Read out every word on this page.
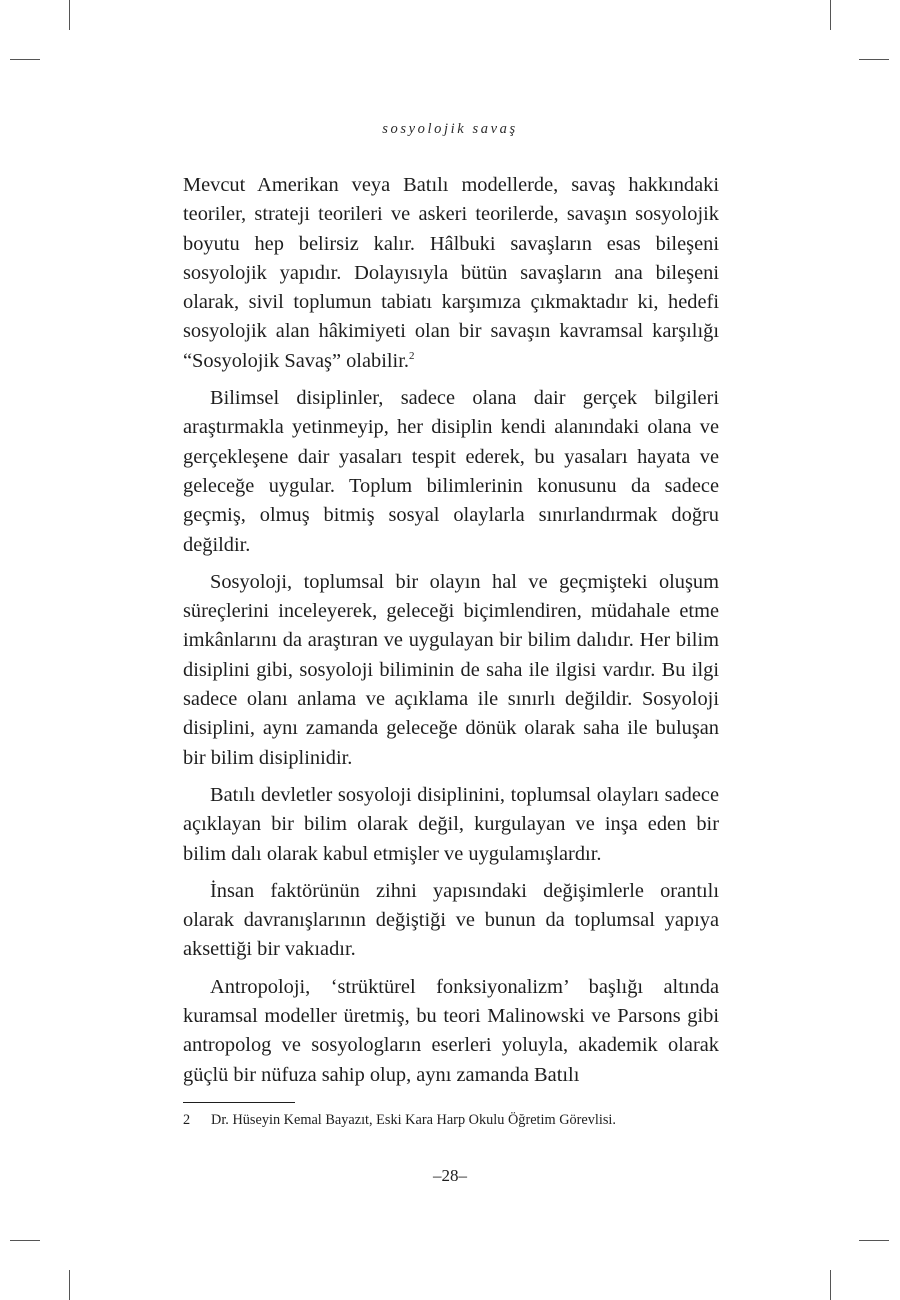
sosyolojik savaş

Mevcut Amerikan veya Batılı modellerde, savaş hakkındaki teoriler, strateji teorileri ve askeri teorilerde, savaşın sosyolojik boyutu hep belirsiz kalır. Hâlbuki savaşların esas bileşeni sosyolojik yapıdır. Dolayısıyla bütün savaşların ana bileşeni olarak, sivil toplumun tabiatı karşımıza çıkmaktadır ki, hedefi sosyolojik alan hâkimiyeti olan bir savaşın kavramsal karşılığı “Sosyolojik Savaş” olabilir.$^2$

Bilimsel disiplinler, sadece olana dair gerçek bilgileri araştırmakla yetinmeyip, her disiplin kendi alanındaki olana ve gerçekleşene dair yasaları tespit ederek, bu yasaları hayata ve geleceğe uygular. Toplum bilimlerinin konusunu da sadece geçmiş, olmuş bitmiş sosyal olaylarla sınırlandırmak doğru değildir.

Sosyoloji, toplumsal bir olayın hal ve geçmişteki oluşum süreçlerini inceleyerek, geleceği biçimlendiren, müdahale etme imkânlarını da araştıran ve uygulayan bir bilim dalıdır. Her bilim disiplini gibi, sosyoloji biliminin de saha ile ilgisi vardır. Bu ilgi sadece olanı anlama ve açıklama ile sınırlı değildir. Sosyoloji disiplini, aynı zamanda geleceğe dönük olarak saha ile buluşan bir bilim disiplinidir.

Batılı devletler sosyoloji disiplinini, toplumsal olayları sadece açıklayan bir bilim olarak değil, kurgulayan ve inşa eden bir bilim dalı olarak kabul etmişler ve uygulamışlardır.

İnsan faktörünün zihni yapısındaki değişimlerle orantılı olarak davranışlarının değiştiği ve bunun da toplumsal yapıya aksettiği bir vakıadır.

Antropoloji, ‘strüktürel fonksiyonalizm’ başlığı altında kuramsal modeller üretmiş, bu teori Malinowski ve Parsons gibi antropolog ve sosyologların eserleri yoluyla, akademik olarak güçlü bir nüfuza sahip olup, aynı zamanda Batılı

2 Dr. Hüseyin Kemal Bayazıt, Eski Kara Harp Okulu Öğretim Görevlisi.
–28–
